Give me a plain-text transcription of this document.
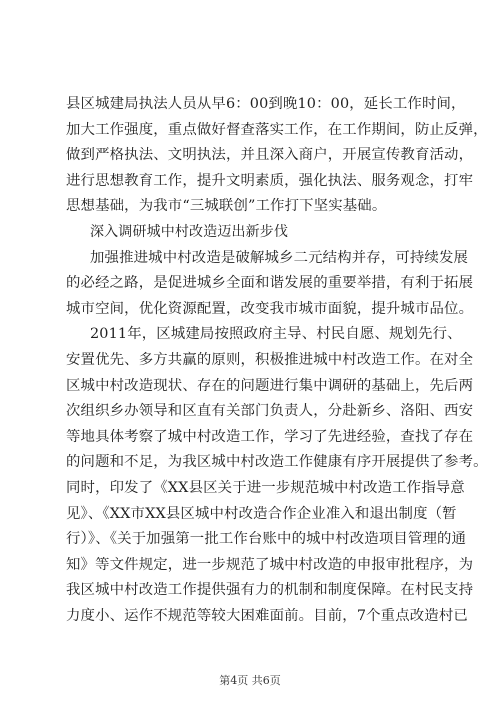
县区城建局执法人员从早6：00到晚10：00，延长工作时间，
加大工作强度，重点做好督查落实工作，在工作期间，防止反弹，
做到严格执法、文明执法，并且深入商户，开展宣传教育活动，
进行思想教育工作，提升文明素质，强化执法、服务观念，打牢
思想基础，为我市“三城联创”工作打下坚实基础。
深入调研城中村改造迈出新步伐
加强推进城中村改造是破解城乡二元结构并存，可持续发展
的必经之路，是促进城乡全面和谐发展的重要举措，有利于拓展
城市空间，优化资源配置，改变我市城市面貌，提升城市品位。
2011年，区城建局按照政府主导、村民自愿、规划先行、
安置优先、多方共赢的原则，积极推进城中村改造工作。在对全
区城中村改造现状、存在的问题进行集中调研的基础上，先后两
次组织乡办领导和区直有关部门负责人，分赴新乡、洛阳、西安
等地具体考察了城中村改造工作，学习了先进经验，查找了存在
的问题和不足，为我区城中村改造工作健康有序开展提供了参考。
同时，印发了《XX县区关于进一步规范城中村改造工作指导意
见》、《XX市XX县区城中村改造合作企业准入和退出制度（暂
行）》、《关于加强第一批工作台账中的城中村改造项目管理的通
知》等文件规定，进一步规范了城中村改造的申报审批程序，为
我区城中村改造工作提供强有力的机制和制度保障。在村民支持
力度小、运作不规范等较大困难面前。目前，7个重点改造村已
第4页 共6页
